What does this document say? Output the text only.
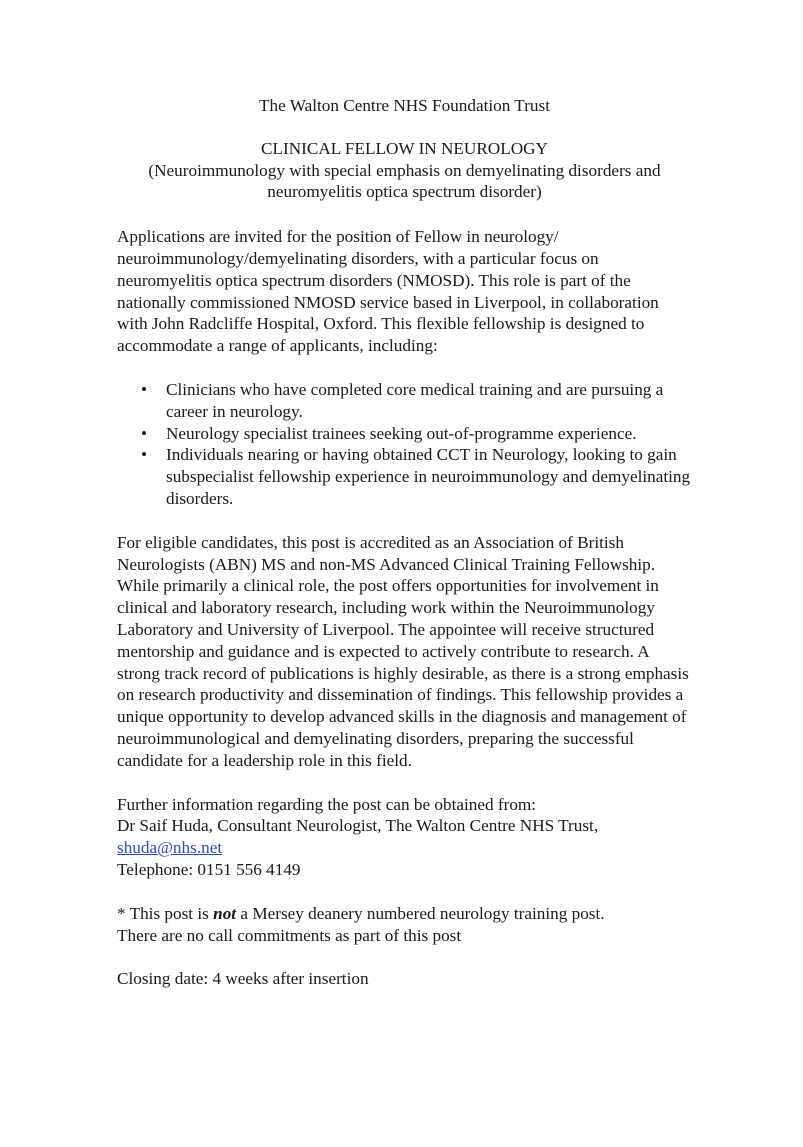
The Walton Centre NHS Foundation Trust

CLINICAL FELLOW IN NEUROLOGY

(Neuroimmunology with special emphasis on demyelinating disorders and neuromyelitis optica spectrum disorder)

Applications are invited for the position of Fellow in neurology/ neuroimmunology/demyelinating disorders, with a particular focus on neuromyelitis optica spectrum disorders (NMOSD). This role is part of the nationally commissioned NMOSD service based in Liverpool, in collaboration with John Radcliffe Hospital, Oxford. This flexible fellowship is designed to accommodate a range of applicants, including:

• Clinicians who have completed core medical training and are pursuing a career in neurology.
• Neurology specialist trainees seeking out-of-programme experience.
• Individuals nearing or having obtained CCT in Neurology, looking to gain subspecialist fellowship experience in neuroimmunology and demyelinating disorders.

For eligible candidates, this post is accredited as an Association of British Neurologists (ABN) MS and non-MS Advanced Clinical Training Fellowship.

While primarily a clinical role, the post offers opportunities for involvement in clinical and laboratory research, including work within the Neuroimmunology Laboratory and University of Liverpool. The appointee will receive structured mentorship and guidance and is expected to actively contribute to research. A strong track record of publications is highly desirable, as there is a strong emphasis on research productivity and dissemination of findings. This fellowship provides a unique opportunity to develop advanced skills in the diagnosis and management of neuroimmunological and demyelinating disorders, preparing the successful candidate for a leadership role in this field.

Further information regarding the post can be obtained from:

Dr Saif Huda, Consultant Neurologist, The Walton Centre NHS Trust,

shuda@nhs.net

Telephone: 0151 556 4149

* This post is not a Mersey deanery numbered neurology training post.

There are no call commitments as part of this post

Closing date: 4 weeks after insertion
